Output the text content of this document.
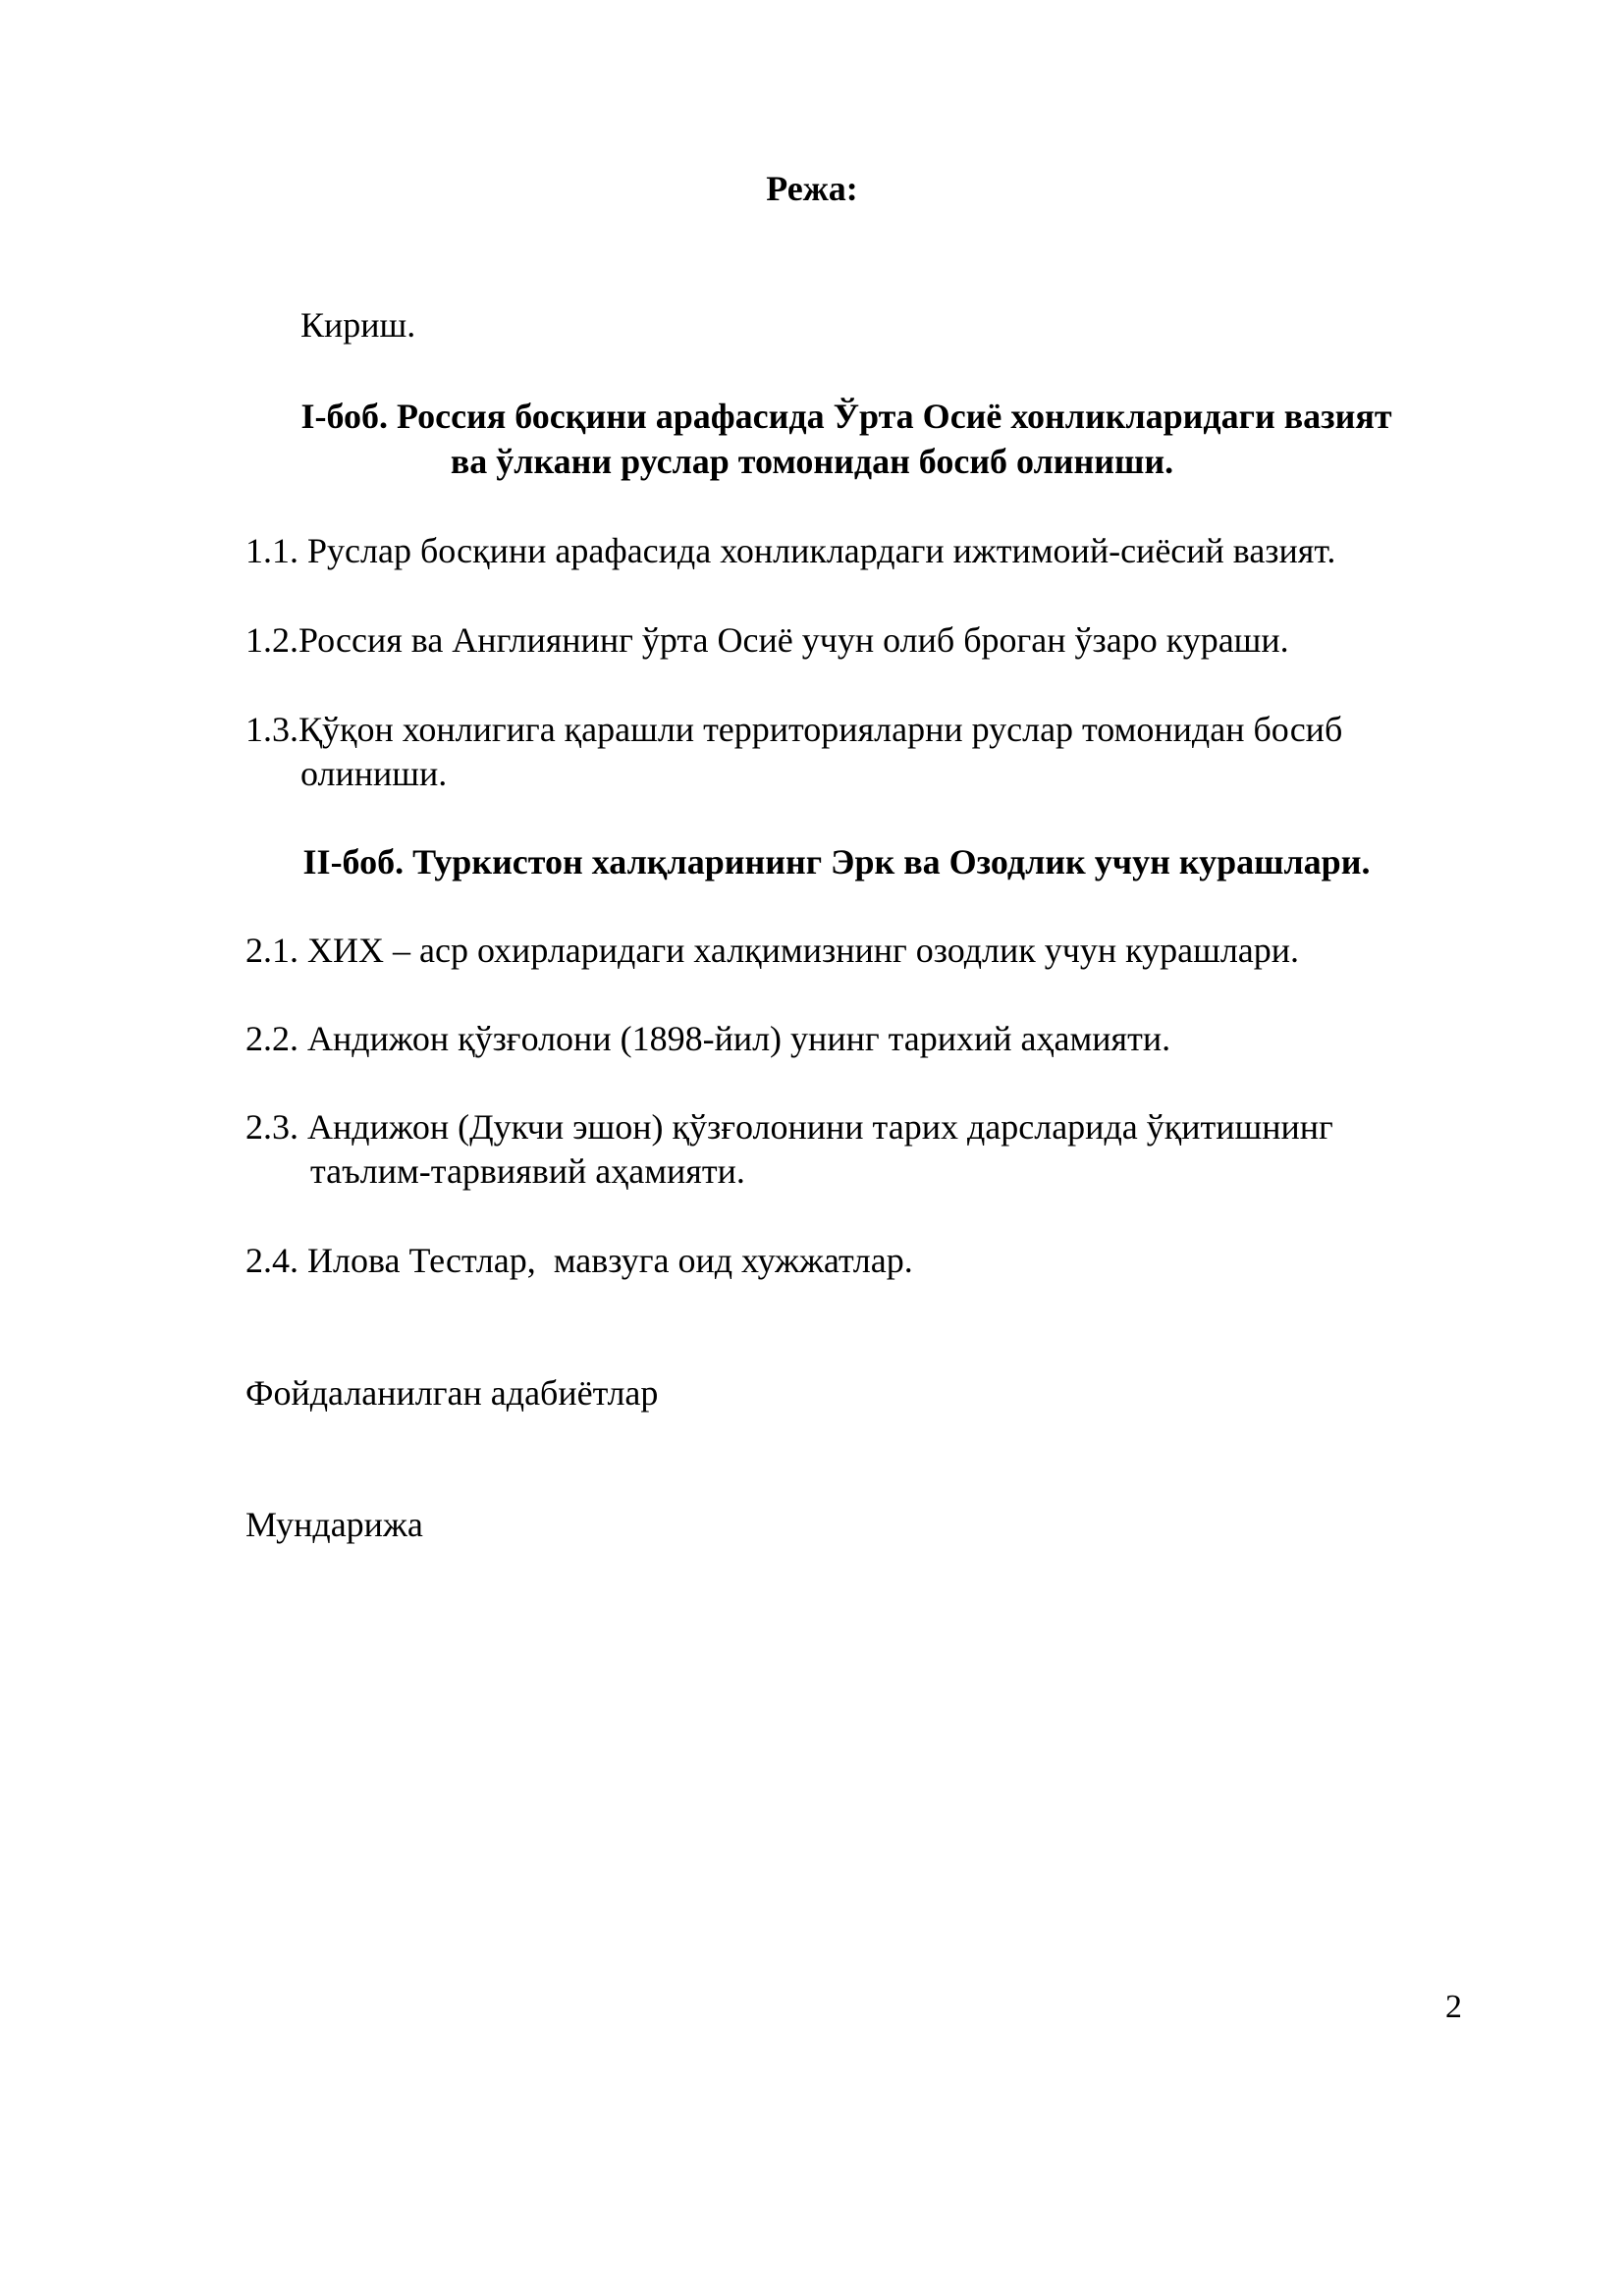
Режа:
Кириш.
I-боб. Россия босқини арафасида Ўрта Осиё хонликларидаги вазият
ва ўлкани руслар томонидан босиб олиниши.
1.1. Руслар босқини арафасида хонликлардаги ижтимоий-сиёсий вазият.
1.2.Россия ва Англиянинг ўрта Осиё учун олиб броган ўзаро кураши.
1.3.Қўқон хонлигига қарашли территорияларни руслар томонидан босиб
олиниши.
II-боб. Туркистон халқларининг Эрк ва Озодлик учун курашлари.
2.1. ХИХ – аср охирларидаги халқимизнинг озодлик учун курашлари.
2.2. Андижон қўзғолони (1898-йил) унинг тарихий аҳамияти.
2.3. Андижон (Дукчи эшон) қўзғолонини тарих дарсларида ўқитишнинг
таълим-тарвиявий аҳамияти.
2.4. Илова Тестлар,  мавзуга оид хужжатлар.
Фойдаланилган адабиётлар
Мундарижа
2
